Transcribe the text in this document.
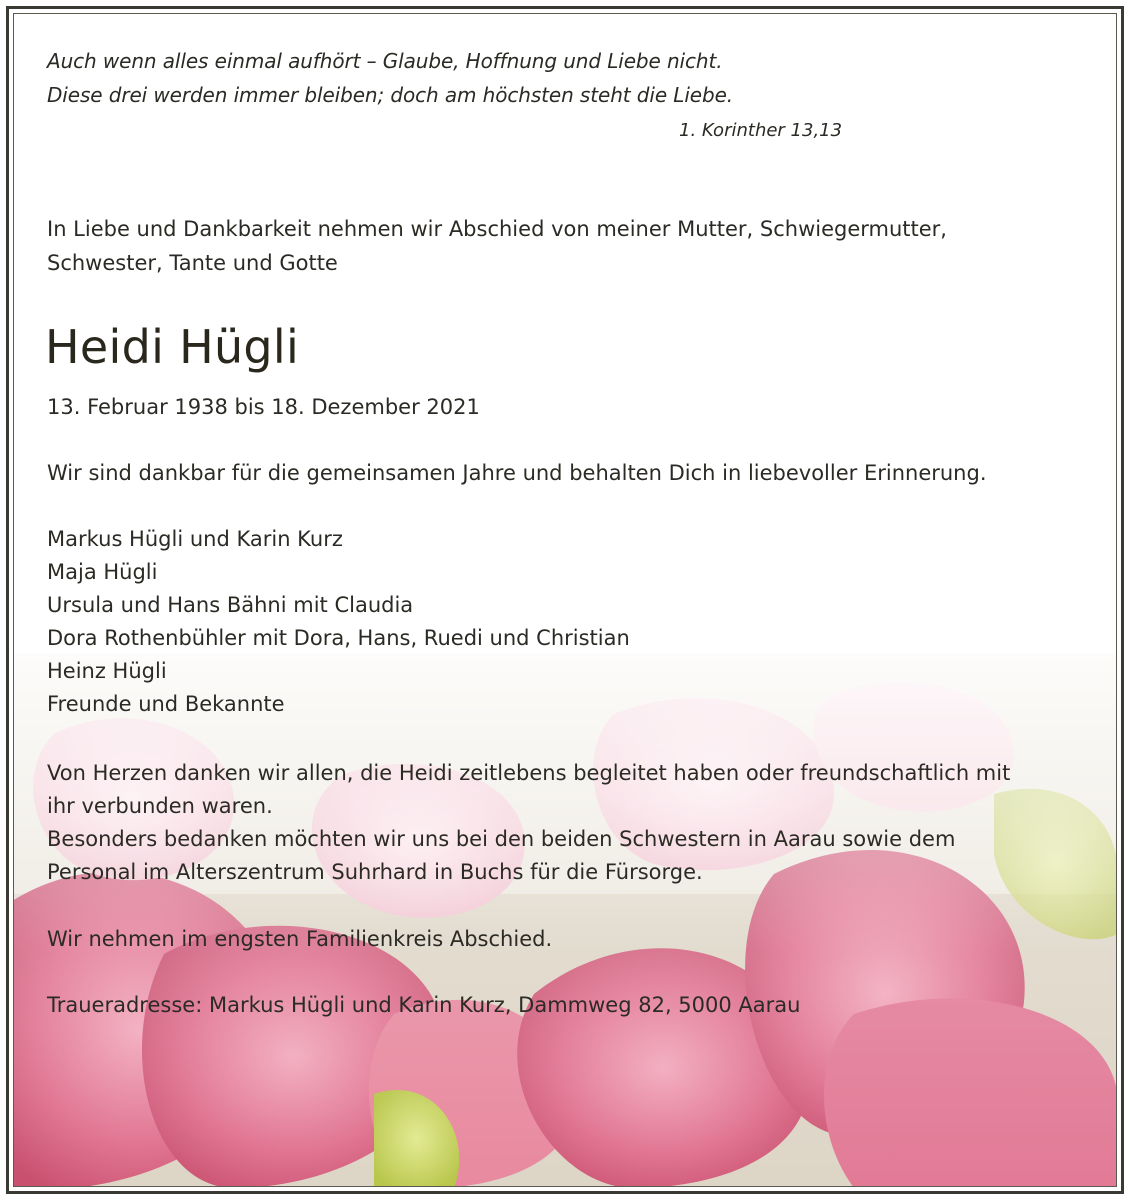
Auch wenn alles einmal aufhört – Glaube, Hoffnung und Liebe nicht.
Diese drei werden immer bleiben; doch am höchsten steht die Liebe.
1. Korinther 13,13
In Liebe und Dankbarkeit nehmen wir Abschied von meiner Mutter, Schwiegermutter,
Schwester, Tante und Gotte
Heidi Hügli
13. Februar 1938 bis 18. Dezember 2021
Wir sind dankbar für die gemeinsamen Jahre und behalten Dich in liebevoller Erinnerung.
Markus Hügli und Karin Kurz
Maja Hügli
Ursula und Hans Bähni mit Claudia
Dora Rothenbühler mit Dora, Hans, Ruedi und Christian
Heinz Hügli
Freunde und Bekannte
Von Herzen danken wir allen, die Heidi zeitlebens begleitet haben oder freundschaftlich mit
ihr verbunden waren.
Besonders bedanken möchten wir uns bei den beiden Schwestern in Aarau sowie dem
Personal im Alterszentrum Suhrhard in Buchs für die Fürsorge.
Wir nehmen im engsten Familienkreis Abschied.
Traueradresse: Markus Hügli und Karin Kurz, Dammweg 82, 5000 Aarau
